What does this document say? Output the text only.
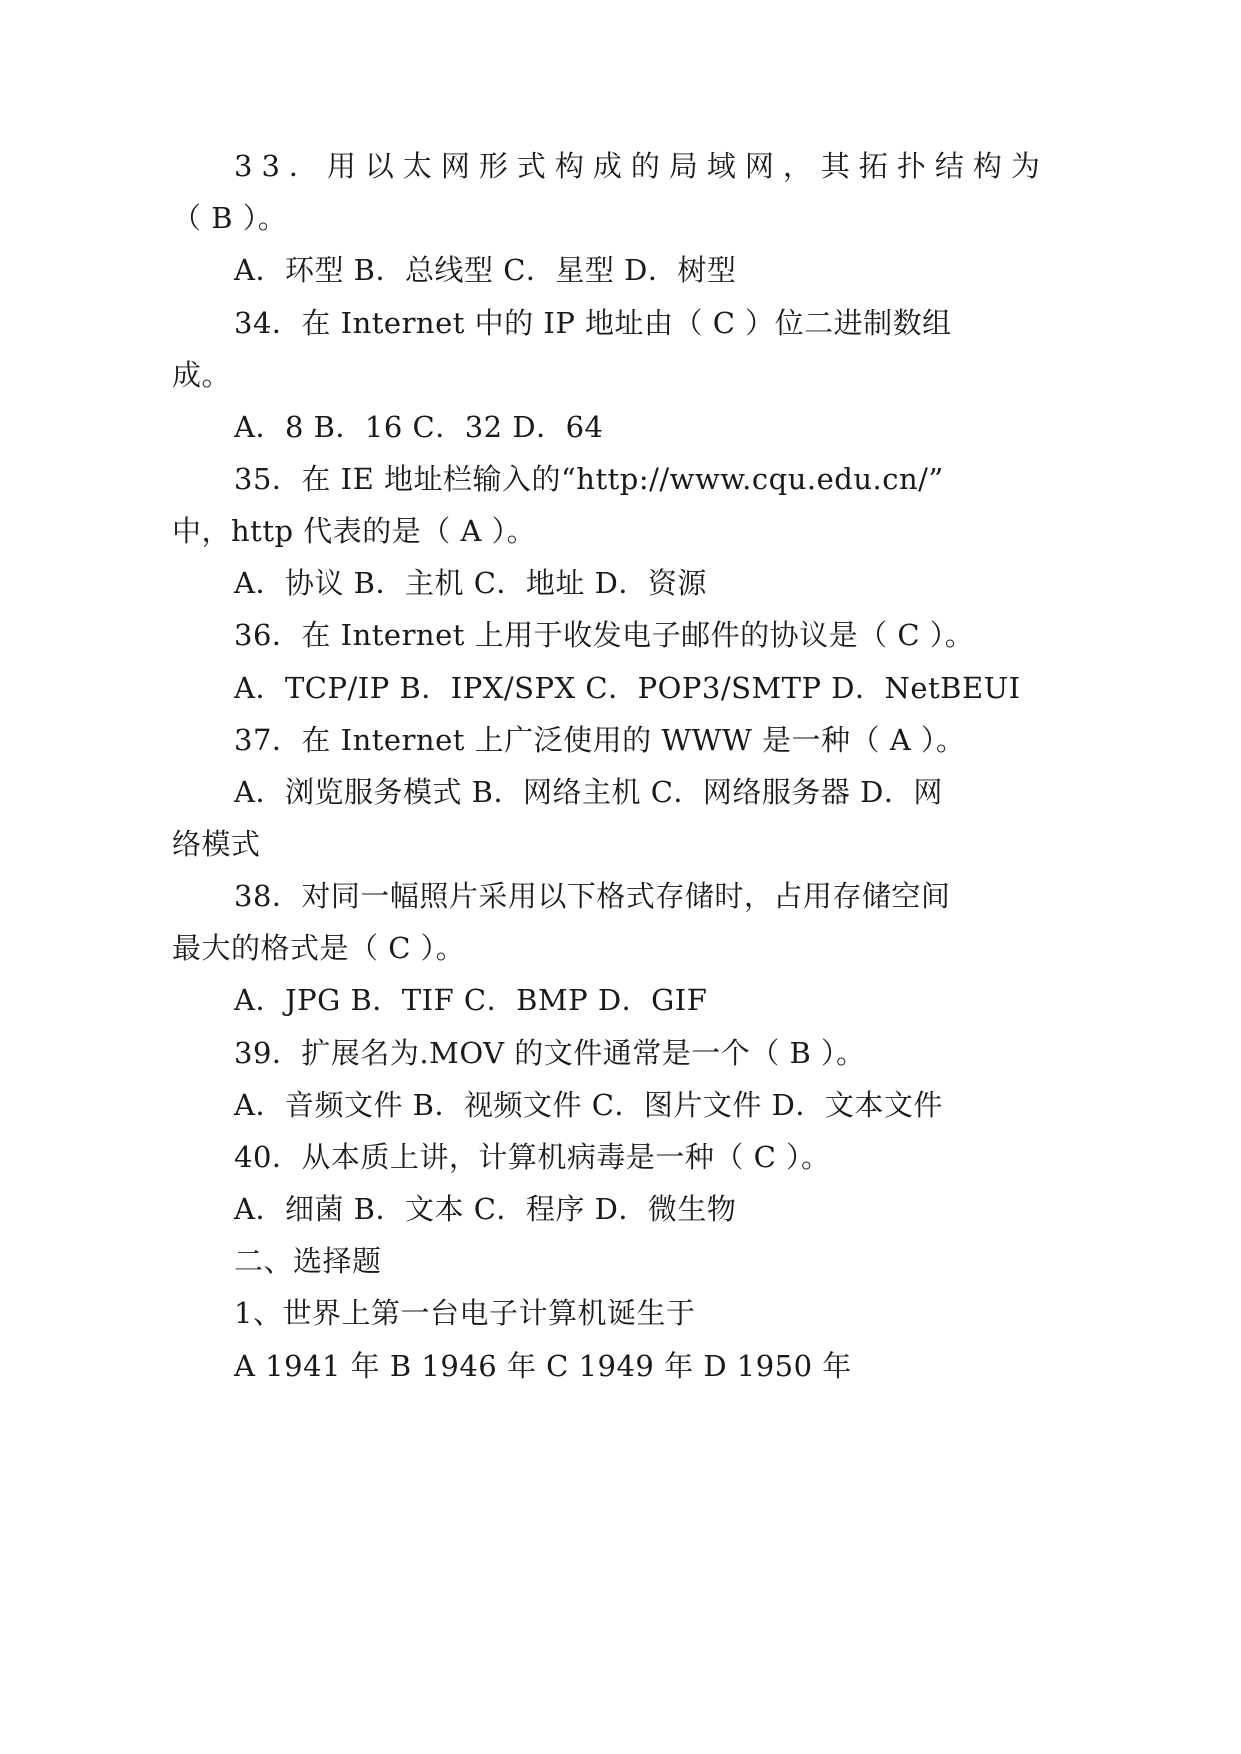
33．用以太网形式构成的局域网，其拓扑结构为
（ B ）。
A．环型 B．总线型 C．星型 D．树型
34．在 Internet 中的 IP 地址由（ C ）位二进制数组
成。
A．8 B．16 C．32 D．64
35．在 IE 地址栏输入的“http://www.cqu.edu.cn/”
中，http 代表的是（ A ）。
A．协议 B．主机 C．地址 D．资源
36．在 Internet 上用于收发电子邮件的协议是（ C ）。
A．TCP/IP B．IPX/SPX C．POP3/SMTP D．NetBEUI
37．在 Internet 上广泛使用的 WWW 是一种（ A ）。
A．浏览服务模式 B．网络主机 C．网络服务器 D．网
络模式
38．对同一幅照片采用以下格式存储时，占用存储空间
最大的格式是（ C ）。
A．JPG B．TIF C．BMP D．GIF
39．扩展名为.MOV 的文件通常是一个（ B ）。
A．音频文件 B．视频文件 C．图片文件 D．文本文件
40．从本质上讲，计算机病毒是一种（ C ）。
A．细菌 B．文本 C．程序 D．微生物
二、选择题
1、世界上第一台电子计算机诞生于
A 1941 年 B 1946 年 C 1949 年 D 1950 年
